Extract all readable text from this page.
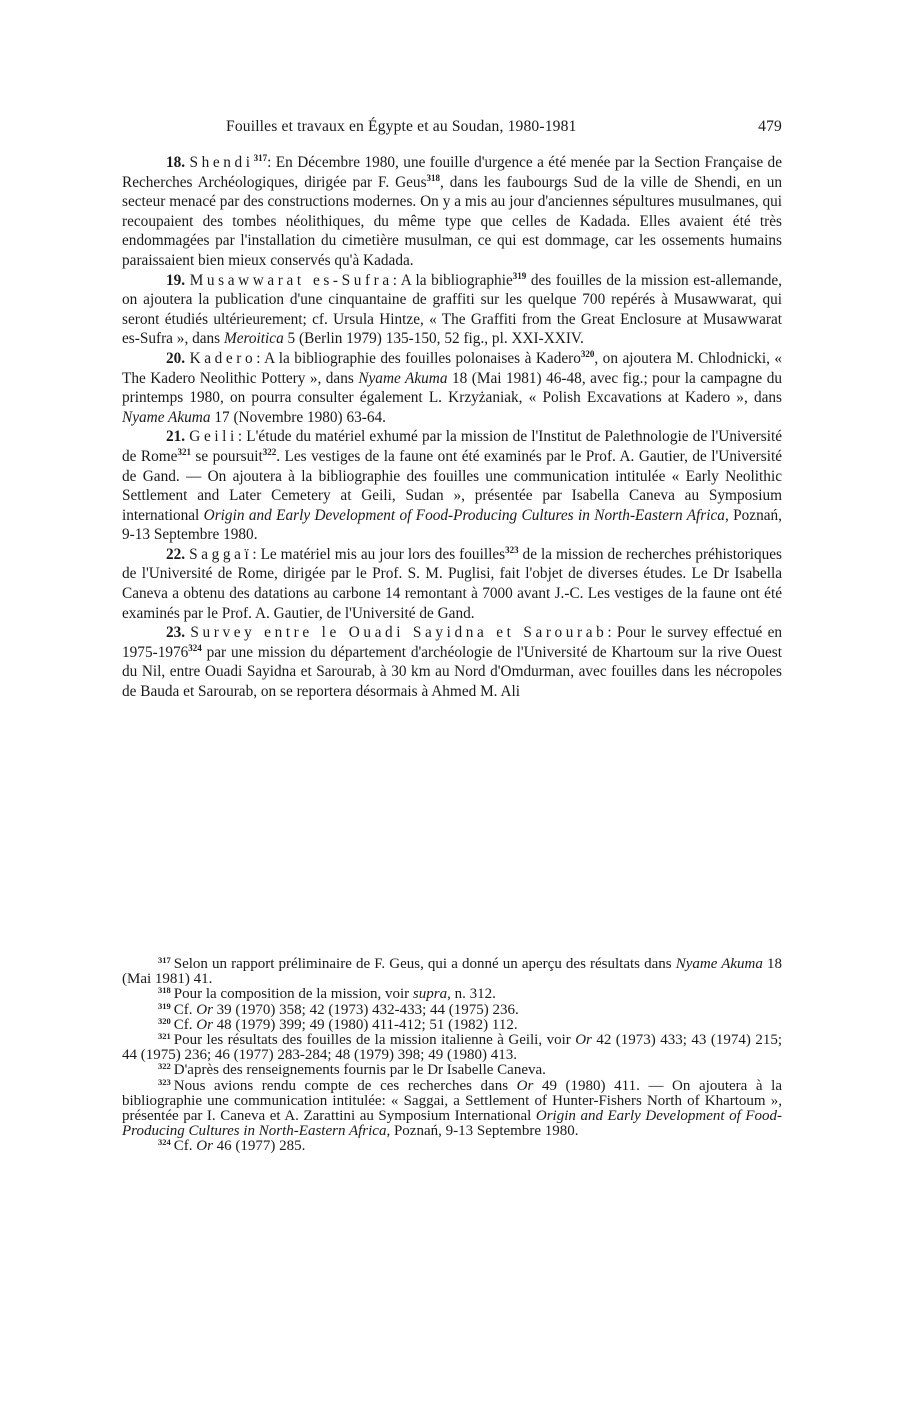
Fouilles et travaux en Égypte et au Soudan, 1980-1981	479

18. Shendi$^{317}$: En Décembre 1980, une fouille d'urgence a été menée par la Section Française de Recherches Archéologiques, dirigée par F. Geus$^{318}$, dans les faubourgs Sud de la ville de Shendi, en un secteur menacé par des constructions modernes. On y a mis au jour d'anciennes sépultures musulmanes, qui recoupaient des tombes néolithiques, du même type que celles de Kadada. Elles avaient été très endommagées par l'installation du cimetière musulman, ce qui est dommage, car les ossements humains paraissaient bien mieux conservés qu'à Kadada.

19. Musawwarat es-Sufra: A la bibliographie$^{319}$ des fouilles de la mission est-allemande, on ajoutera la publication d'une cinquantaine de graffiti sur les quelque 700 repérés à Musawwarat, qui seront étudiés ultérieurement; cf. Ursula Hintze, « The Graffiti from the Great Enclosure at Musawwarat es-Sufra », dans Meroitica 5 (Berlin 1979) 135-150, 52 fig., pl. XXI-XXIV.

20. Kadero: A la bibliographie des fouilles polonaises à Kadero$^{320}$, on ajoutera M. Chlodnicki, « The Kadero Neolithic Pottery », dans Nyame Akuma 18 (Mai 1981) 46-48, avec fig.; pour la campagne du printemps 1980, on pourra consulter également L. Krzyżaniak, « Polish Excavations at Kadero », dans Nyame Akuma 17 (Novembre 1980) 63-64.

21. Geili: L'étude du matériel exhumé par la mission de l'Institut de Palethnologie de l'Université de Rome$^{321}$ se poursuit$^{322}$. Les vestiges de la faune ont été examinés par le Prof. A. Gautier, de l'Université de Gand. — On ajoutera à la bibliographie des fouilles une communication intitulée « Early Neolithic Settlement and Later Cemetery at Geili, Sudan », présentée par Isabella Caneva au Symposium international Origin and Early Development of Food-Producing Cultures in North-Eastern Africa, Poznań, 9-13 Septembre 1980.

22. Saggaï: Le matériel mis au jour lors des fouilles$^{323}$ de la mission de recherches préhistoriques de l'Université de Rome, dirigée par le Prof. S. M. Puglisi, fait l'objet de diverses études. Le Dr Isabella Caneva a obtenu des datations au carbone 14 remontant à 7000 avant J.-C. Les vestiges de la faune ont été examinés par le Prof. A. Gautier, de l'Université de Gand.

23. Survey entre le Ouadi Sayidna et Sarourab: Pour le survey effectué en 1975-1976$^{324}$ par une mission du département d'archéologie de l'Université de Khartoum sur la rive Ouest du Nil, entre Ouadi Sayidna et Sarourab, à 30 km au Nord d'Omdurman, avec fouilles dans les nécropoles de Bauda et Sarourab, on se reportera désormais à Ahmed M. Ali

$^{317}$ Selon un rapport préliminaire de F. Geus, qui a donné un aperçu des résultats dans Nyame Akuma 18 (Mai 1981) 41.

$^{318}$ Pour la composition de la mission, voir supra, n. 312.

$^{319}$ Cf. Or 39 (1970) 358; 42 (1973) 432-433; 44 (1975) 236.

$^{320}$ Cf. Or 48 (1979) 399; 49 (1980) 411-412; 51 (1982) 112.

$^{321}$ Pour les résultats des fouilles de la mission italienne à Geili, voir Or 42 (1973) 433; 43 (1974) 215; 44 (1975) 236; 46 (1977) 283-284; 48 (1979) 398; 49 (1980) 413.

$^{322}$ D'après des renseignements fournis par le Dr Isabelle Caneva.

$^{323}$ Nous avions rendu compte de ces recherches dans Or 49 (1980) 411. — On ajoutera à la bibliographie une communication intitulée: « Saggai, a Settlement of Hunter-Fishers North of Khartoum », présentée par I. Caneva et A. Zarattini au Symposium International Origin and Early Development of Food-Producing Cultures in North-Eastern Africa, Poznań, 9-13 Septembre 1980.

$^{324}$ Cf. Or 46 (1977) 285.
